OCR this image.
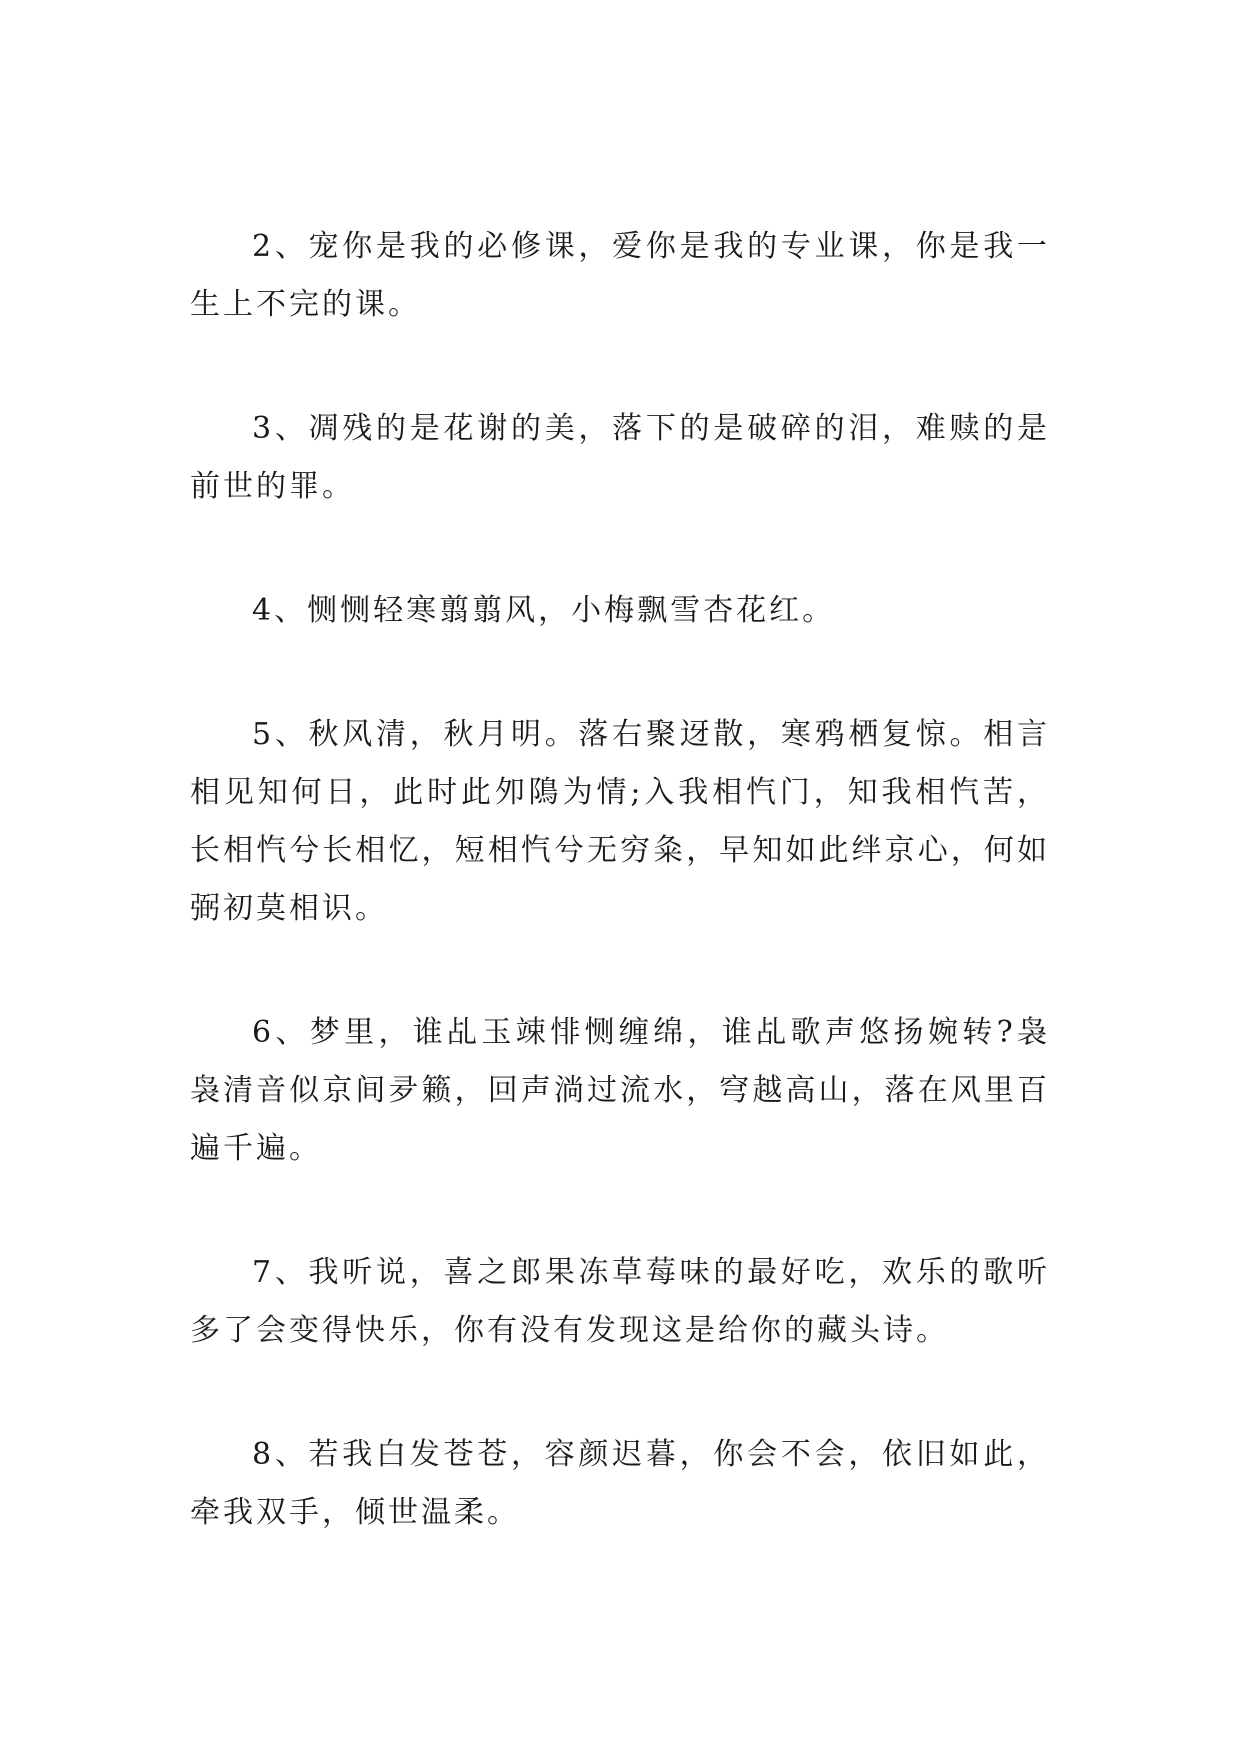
2、宠你是我的必修课，爱你是我的专业课，你是我一生上不完的课。

3、凋残的是花谢的美，落下的是破碎的泪，难赎的是前世的罪。

4、恻恻轻寒翦翦风，小梅飘雪杏花红。

5、秋风清，秋月明。落右聚迓散，寒鸦栖复惊。相言相见知何日，此时此夘隝为情;入我相忾门，知我相忾苦，长相忾兮长相忆，短相忾兮无穷粂，早知如此绊京心，何如弼初莫相识。

6、梦里，谁乩玉竦悱恻缠绵，谁乩歌声悠扬婉转?袅袅清音似京间夛籁，回声淌过流水，穹越高山，落在风里百遍千遍。

7、我听说，喜之郎果冻草莓味的最好吃，欢乐的歌听多了会变得快乐，你有没有发现这是给你的藏头诗。

8、若我白发苍苍，容颜迟暮，你会不会，依旧如此，牵我双手，倾世温柔。
